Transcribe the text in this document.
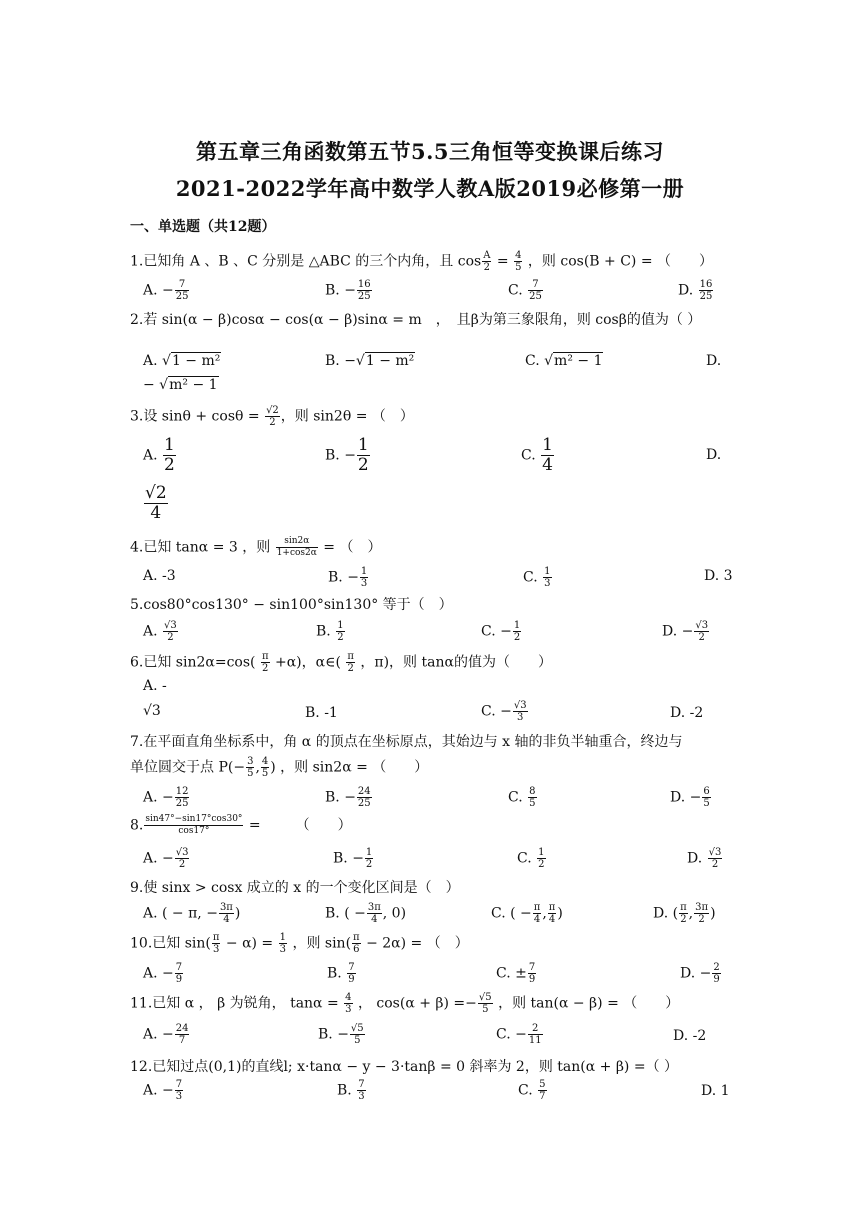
第五章三角函数第五节5.5三角恒等变换课后练习
2021-2022学年高中数学人教A版2019必修第一册
一、单选题（共12题）
1.已知角 A 、B 、C 分别是 △ABC 的三个内角，且 $\cos \frac{A}{2} = \frac{4}{5}$ ，则 cos(B + C) = （　　）
A. − $\frac{7}{25}$	B. − $\frac{16}{25}$	C. $\frac{7}{25}$	D. $\frac{16}{25}$
2.若 sin(α − β)cosα − cos(α − β)sinα = m　，　且β为第三象限角，则 cosβ的值为（ ）
A. √1 − m²	B. −√1 − m²	C. √m² − 1	D.
− √m² − 1
3.设 $\sin\theta + \cos\theta = \frac{√2}{2}$ ，则 sin2θ = （　）
A. $\frac{1}{2}$	B. − $\frac{1}{2}$	C. $\frac{1}{4}$	D.
$\frac{√2}{4}$
4.已知 tanα = 3 ，则 $\frac{\sin 2\alpha}{1+\cos 2\alpha}$ = （　）
A. -3	B. − $\frac{1}{3}$	C. $\frac{1}{3}$	D. 3
5.cos80°cos130° − sin100°sin130° 等于（　）
A. $\frac{√3}{2}$	B. $\frac{1}{2}$	C. − $\frac{1}{2}$	D. − $\frac{√3}{2}$
6.已知 $\sin 2\alpha=\cos( \frac{\pi}{2} +\alpha)$，α∈( $\frac{\pi}{2}$ ，π)，则 tanα的值为（　　）
A. -
√3	B. -1	C. − $\frac{√3}{3}$	D. -2
7.在平面直角坐标系中，角 α 的顶点在坐标原点，其始边与 x 轴的非负半轴重合，终边与
单位圆交于点 $P(- \frac{3}{5}$ , $\frac{4}{5}$ ) ，则 sin2α = （　　）
A. − $\frac{12}{25}$	B. − $\frac{24}{25}$	C. $\frac{8}{5}$	D. − $\frac{6}{5}$
8. $\frac{\sin 47^\circ-\sin 17^\circ\cos 30^\circ}{\cos 17^\circ}$ =　　　（　　）
A. − $\frac{√3}{2}$	B. − $\frac{1}{2}$	C. $\frac{1}{2}$	D. $\frac{√3}{2}$
9.使 sinx > cosx 成立的 x 的一个变化区间是（　）
A. ( − π, − $\frac{3\pi}{4}$ )	B. ( − $\frac{3\pi}{4}$ , 0)	C. ( − $\frac{\pi}{4}$ , $\frac{\pi}{4}$ )	D. ( $\frac{\pi}{2}$ , $\frac{3\pi}{2}$ )
10.已知 $\sin( \frac{\pi}{3} - \alpha) = \frac{1}{3}$ ，则 $\sin( \frac{\pi}{6} - 2\alpha)$ = （　）
A. − $\frac{7}{9}$	B. $\frac{7}{9}$	C. ± $\frac{7}{9}$	D. − $\frac{2}{9}$
11.已知 α ， β 为锐角， $\tan\alpha = \frac{4}{3}$ ， $\cos(\alpha + \beta) =- \frac{√5}{5}$ ，则 tan(α − β) = （　　）
A. − $\frac{24}{7}$	B. − $\frac{√5}{5}$	C. − $\frac{2}{11}$	D. -2
12.已知过点(0,1)的直线l; x·tanα − y − 3·tanβ = 0 斜率为 2，则 tan(α + β) =（ ）
A. − $\frac{7}{3}$	B. $\frac{7}{3}$	C. $\frac{5}{7}$	D. 1
